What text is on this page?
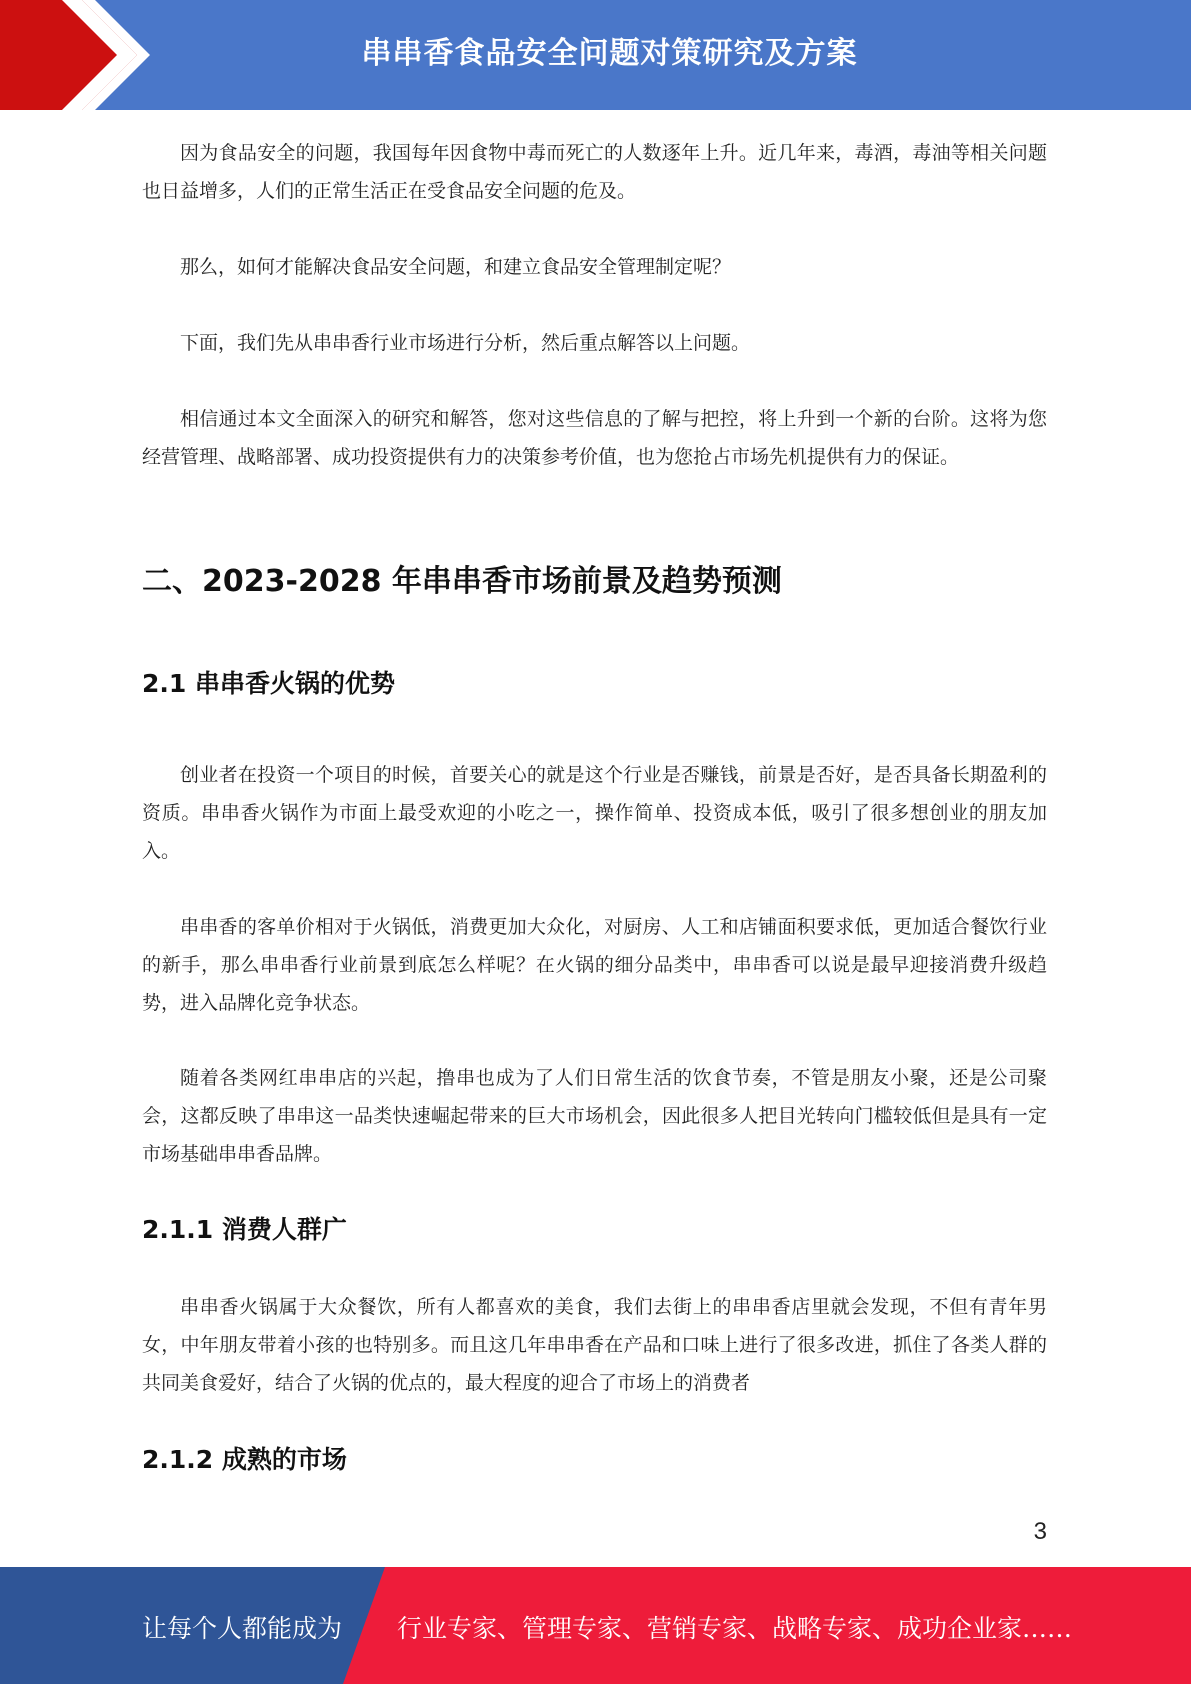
串串香食品安全问题对策研究及方案

因为食品安全的问题，我国每年因食物中毒而死亡的人数逐年上升。近几年来，毒酒，毒油等相关问题也日益增多，人们的正常生活正在受食品安全问题的危及。

那么，如何才能解决食品安全问题，和建立食品安全管理制定呢？

下面，我们先从串串香行业市场进行分析，然后重点解答以上问题。

相信通过本文全面深入的研究和解答，您对这些信息的了解与把控，将上升到一个新的台阶。这将为您经营管理、战略部署、成功投资提供有力的决策参考价值，也为您抢占市场先机提供有力的保证。

二、2023-2028 年串串香市场前景及趋势预测
2.1 串串香火锅的优势

创业者在投资一个项目的时候，首要关心的就是这个行业是否赚钱，前景是否好，是否具备长期盈利的资质。串串香火锅作为市面上最受欢迎的小吃之一，操作简单、投资成本低，吸引了很多想创业的朋友加入。

串串香的客单价相对于火锅低，消费更加大众化，对厨房、人工和店铺面积要求低，更加适合餐饮行业的新手，那么串串香行业前景到底怎么样呢？在火锅的细分品类中，串串香可以说是最早迎接消费升级趋势，进入品牌化竞争状态。

随着各类网红串串店的兴起，撸串也成为了人们日常生活的饮食节奏，不管是朋友小聚，还是公司聚会，这都反映了串串这一品类快速崛起带来的巨大市场机会，因此很多人把目光转向门槛较低但是具有一定市场基础串串香品牌。

2.1.1 消费人群广

串串香火锅属于大众餐饮，所有人都喜欢的美食，我们去街上的串串香店里就会发现，不但有青年男女，中年朋友带着小孩的也特别多。而且这几年串串香在产品和口味上进行了很多改进，抓住了各类人群的共同美食爱好，结合了火锅的优点的，最大程度的迎合了市场上的消费者

2.1.2 成熟的市场
3
让每个人都能成为 行业专家、管理专家、营销专家、战略专家、成功企业家……
